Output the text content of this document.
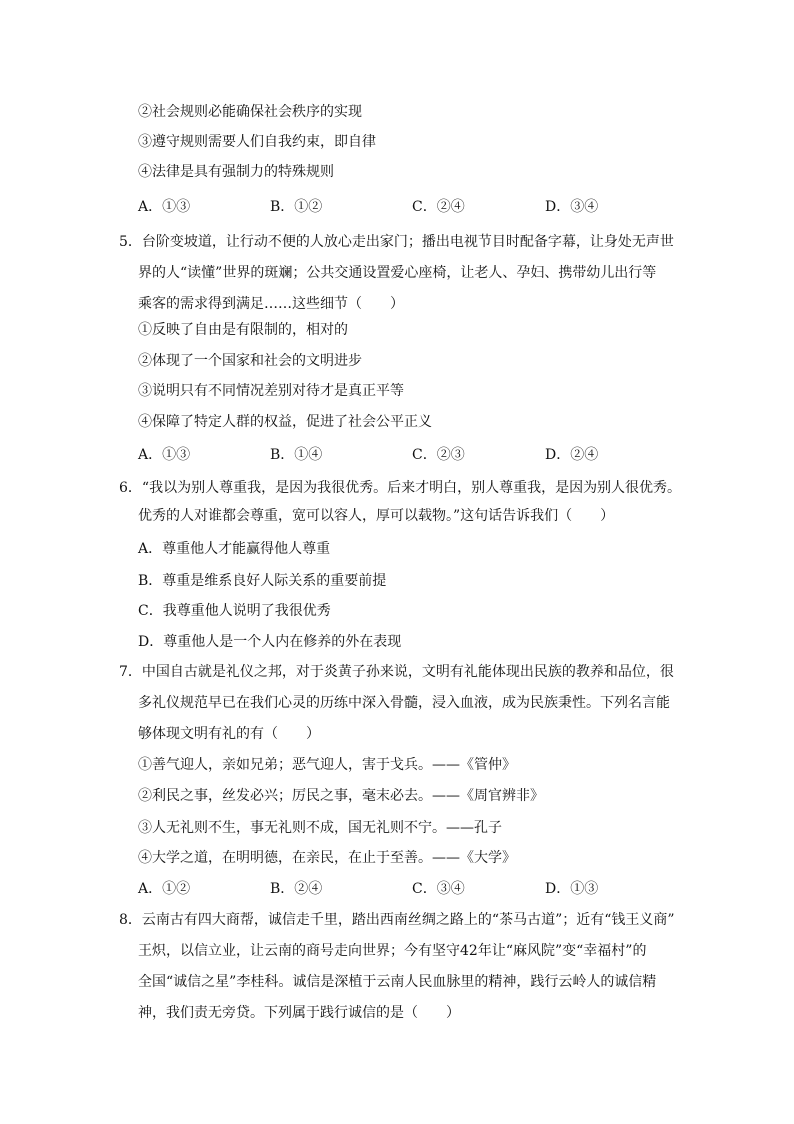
②社会规则必能确保社会秩序的实现
③遵守规则需要人们自我约束，即自律
④法律是具有强制力的特殊规则
A．①③	B．①②	C．②④	D．③④
5．台阶变坡道，让行动不便的人放心走出家门；播出电视节目时配备字幕，让身处无声世
界的人“读懂”世界的斑斓；公共交通设置爱心座椅，让老人、孕妇、携带幼儿出行等
乘客的需求得到满足……这些细节（　　）
①反映了自由是有限制的，相对的
②体现了一个国家和社会的文明进步
③说明只有不同情况差别对待才是真正平等
④保障了特定人群的权益，促进了社会公平正义
A．①③	B．①④	C．②③	D．②④
6．“我以为别人尊重我，是因为我很优秀。后来才明白，别人尊重我，是因为别人很优秀。
优秀的人对谁都会尊重，宽可以容人，厚可以载物。”这句话告诉我们（　　）
A．尊重他人才能赢得他人尊重
B．尊重是维系良好人际关系的重要前提
C．我尊重他人说明了我很优秀
D．尊重他人是一个人内在修养的外在表现
7．中国自古就是礼仪之邦，对于炎黄子孙来说，文明有礼能体现出民族的教养和品位，很
多礼仪规范早已在我们心灵的历练中深入骨髓，浸入血液，成为民族秉性。下列名言能
够体现文明有礼的有（　　）
①善气迎人，亲如兄弟；恶气迎人，害于戈兵。——《管仲》
②利民之事，丝发必兴；厉民之事，毫末必去。——《周官辨非》
③人无礼则不生，事无礼则不成，国无礼则不宁。——孔子
④大学之道，在明明德，在亲民，在止于至善。——《大学》
A．①②	B．②④	C．③④	D．①③
8．云南古有四大商帮，诚信走千里，踏出西南丝绸之路上的“茶马古道”；近有“钱王义商”
王炽，以信立业，让云南的商号走向世界；今有坚守42年让“麻风院”变“幸福村”的
全国“诚信之星”李桂科。诚信是深植于云南人民血脉里的精神，践行云岭人的诚信精
神，我们责无旁贷。下列属于践行诚信的是（　　）
